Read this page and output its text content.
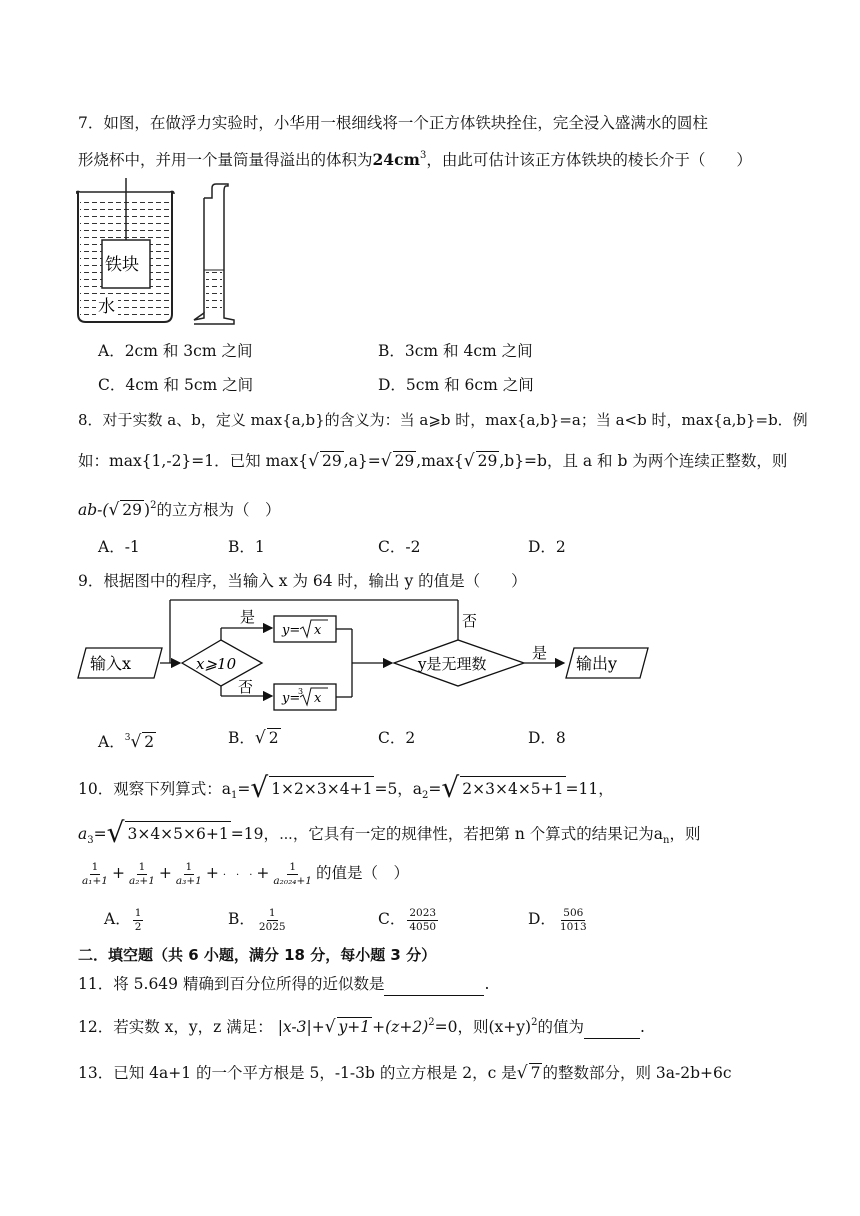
7．如图，在做浮力实验时，小华用一根细线将一个正方体铁块拴住，完全浸入盛满水的圆柱
形烧杯中，并用一个量筒量得溢出的体积为$24cm^3$，由此可估计该正方体铁块的棱长介于（　　）
铁块
水
A．2cm 和 3cm 之间	B．3cm 和 4cm 之间
C．4cm 和 5cm 之间	D．5cm 和 6cm 之间
8．对于实数 a、b，定义 max{a,b}的含义为：当 a⩾b 时，max{a,b}=a；当 a<b 时，max{a,b}=b．例
如：max{1,-2}=1．已知 max{√ 29 ,a}=√ 29 ,max{√ 29 ,b}=b，且 a 和 b 为两个连续正整数，则
ab-(√ 29 )$^2$的立方根为（　）
A．-1	B．1	C．-2	D．2
9．根据图中的程序，当输入 x 为 64 时，输出 y 的值是（　　）
输入x
否
x⩾10
是
否
y= x
y=
3 x
y是无理数
是
输出y
A．$^3$√ 2	B．√ 2	C．2	D．8
10．观察下列算式：$a_1=√$ 1×2×3×4+1 =5，$a_2=√$ 2×3×4×5+1 =11，
$a_3=√$ 3×4×5×6+1 =19，⋯，它具有一定的规律性，若把第 n 个算式的结果记为$a_n$，则
$\frac{1}{\text{a₁+1}} + \frac{1}{\text{a₂+1}} + \frac{1}{\text{a₃+1}}$ + ·　·　· + $\frac{1}{\text{a₂₀₂₄+1}}$ 的值是（　）
A． $\frac{1}{2}$	B． $\frac{1}{2025}$	C． $\frac{2023}{4050}$	D． $\frac{506}{1013}$
二．填空题（共 6 小题，满分 18 分，每小题 3 分）
11．将 5.649 精确到百分位所得的近似数是	.
12．若实数 x，y，z 满足： |x-3|+√ $y+1 +(z+2)^2=0$，则$(x+y)^2$的值为	.
13．已知 4a+1 的一个平方根是 5，-1-3b 的立方根是 2，c 是√ 7 的整数部分，则 3a-2b+6c
